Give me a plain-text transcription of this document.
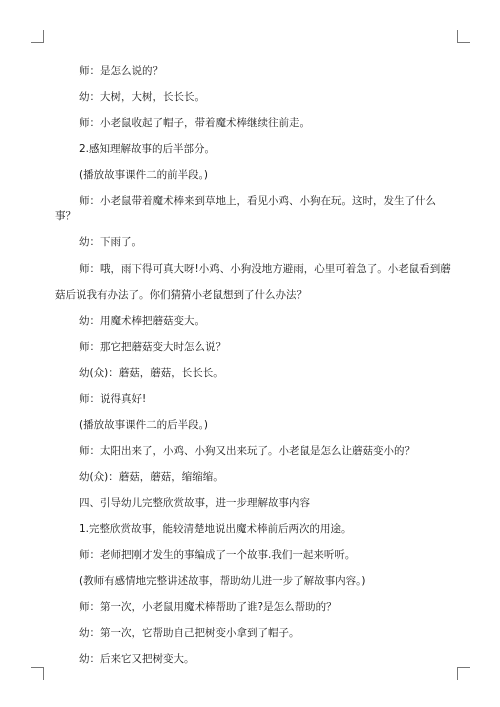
师：是怎么说的？

幼：大树，大树，长长长。

师：小老鼠收起了帽子，带着魔术棒继续往前走。

2.感知理解故事的后半部分。

(播放故事课件二的前半段。)

师：小老鼠带着魔术棒来到草地上，看见小鸡、小狗在玩。这时，发生了什么事？

幼：下雨了。

师：哦，雨下得可真大呀!小鸡、小狗没地方避雨，心里可着急了。小老鼠看到蘑菇后说我有办法了。你们猜猜小老鼠想到了什么办法？

幼：用魔术棒把蘑菇变大。

师：那它把蘑菇变大时怎么说？

幼(众)：蘑菇，蘑菇，长长长。

师：说得真好!

(播放故事课件二的后半段。)

师：太阳出来了，小鸡、小狗又出来玩了。小老鼠是怎么让蘑菇变小的？

幼(众)：蘑菇，蘑菇，缩缩缩。

四、引导幼儿完整欣赏故事，进一步理解故事内容

1.完整欣赏故事，能较清楚地说出魔术棒前后两次的用途。

师：老师把刚才发生的事编成了一个故事.我们一起来听听。

(教师有感情地完整讲述故事，帮助幼儿进一步了解故事内容。)

师：第一次，小老鼠用魔术棒帮助了谁?是怎么帮助的？

幼：第一次，它帮助自己把树变小拿到了帽子。

幼：后来它又把树变大。
